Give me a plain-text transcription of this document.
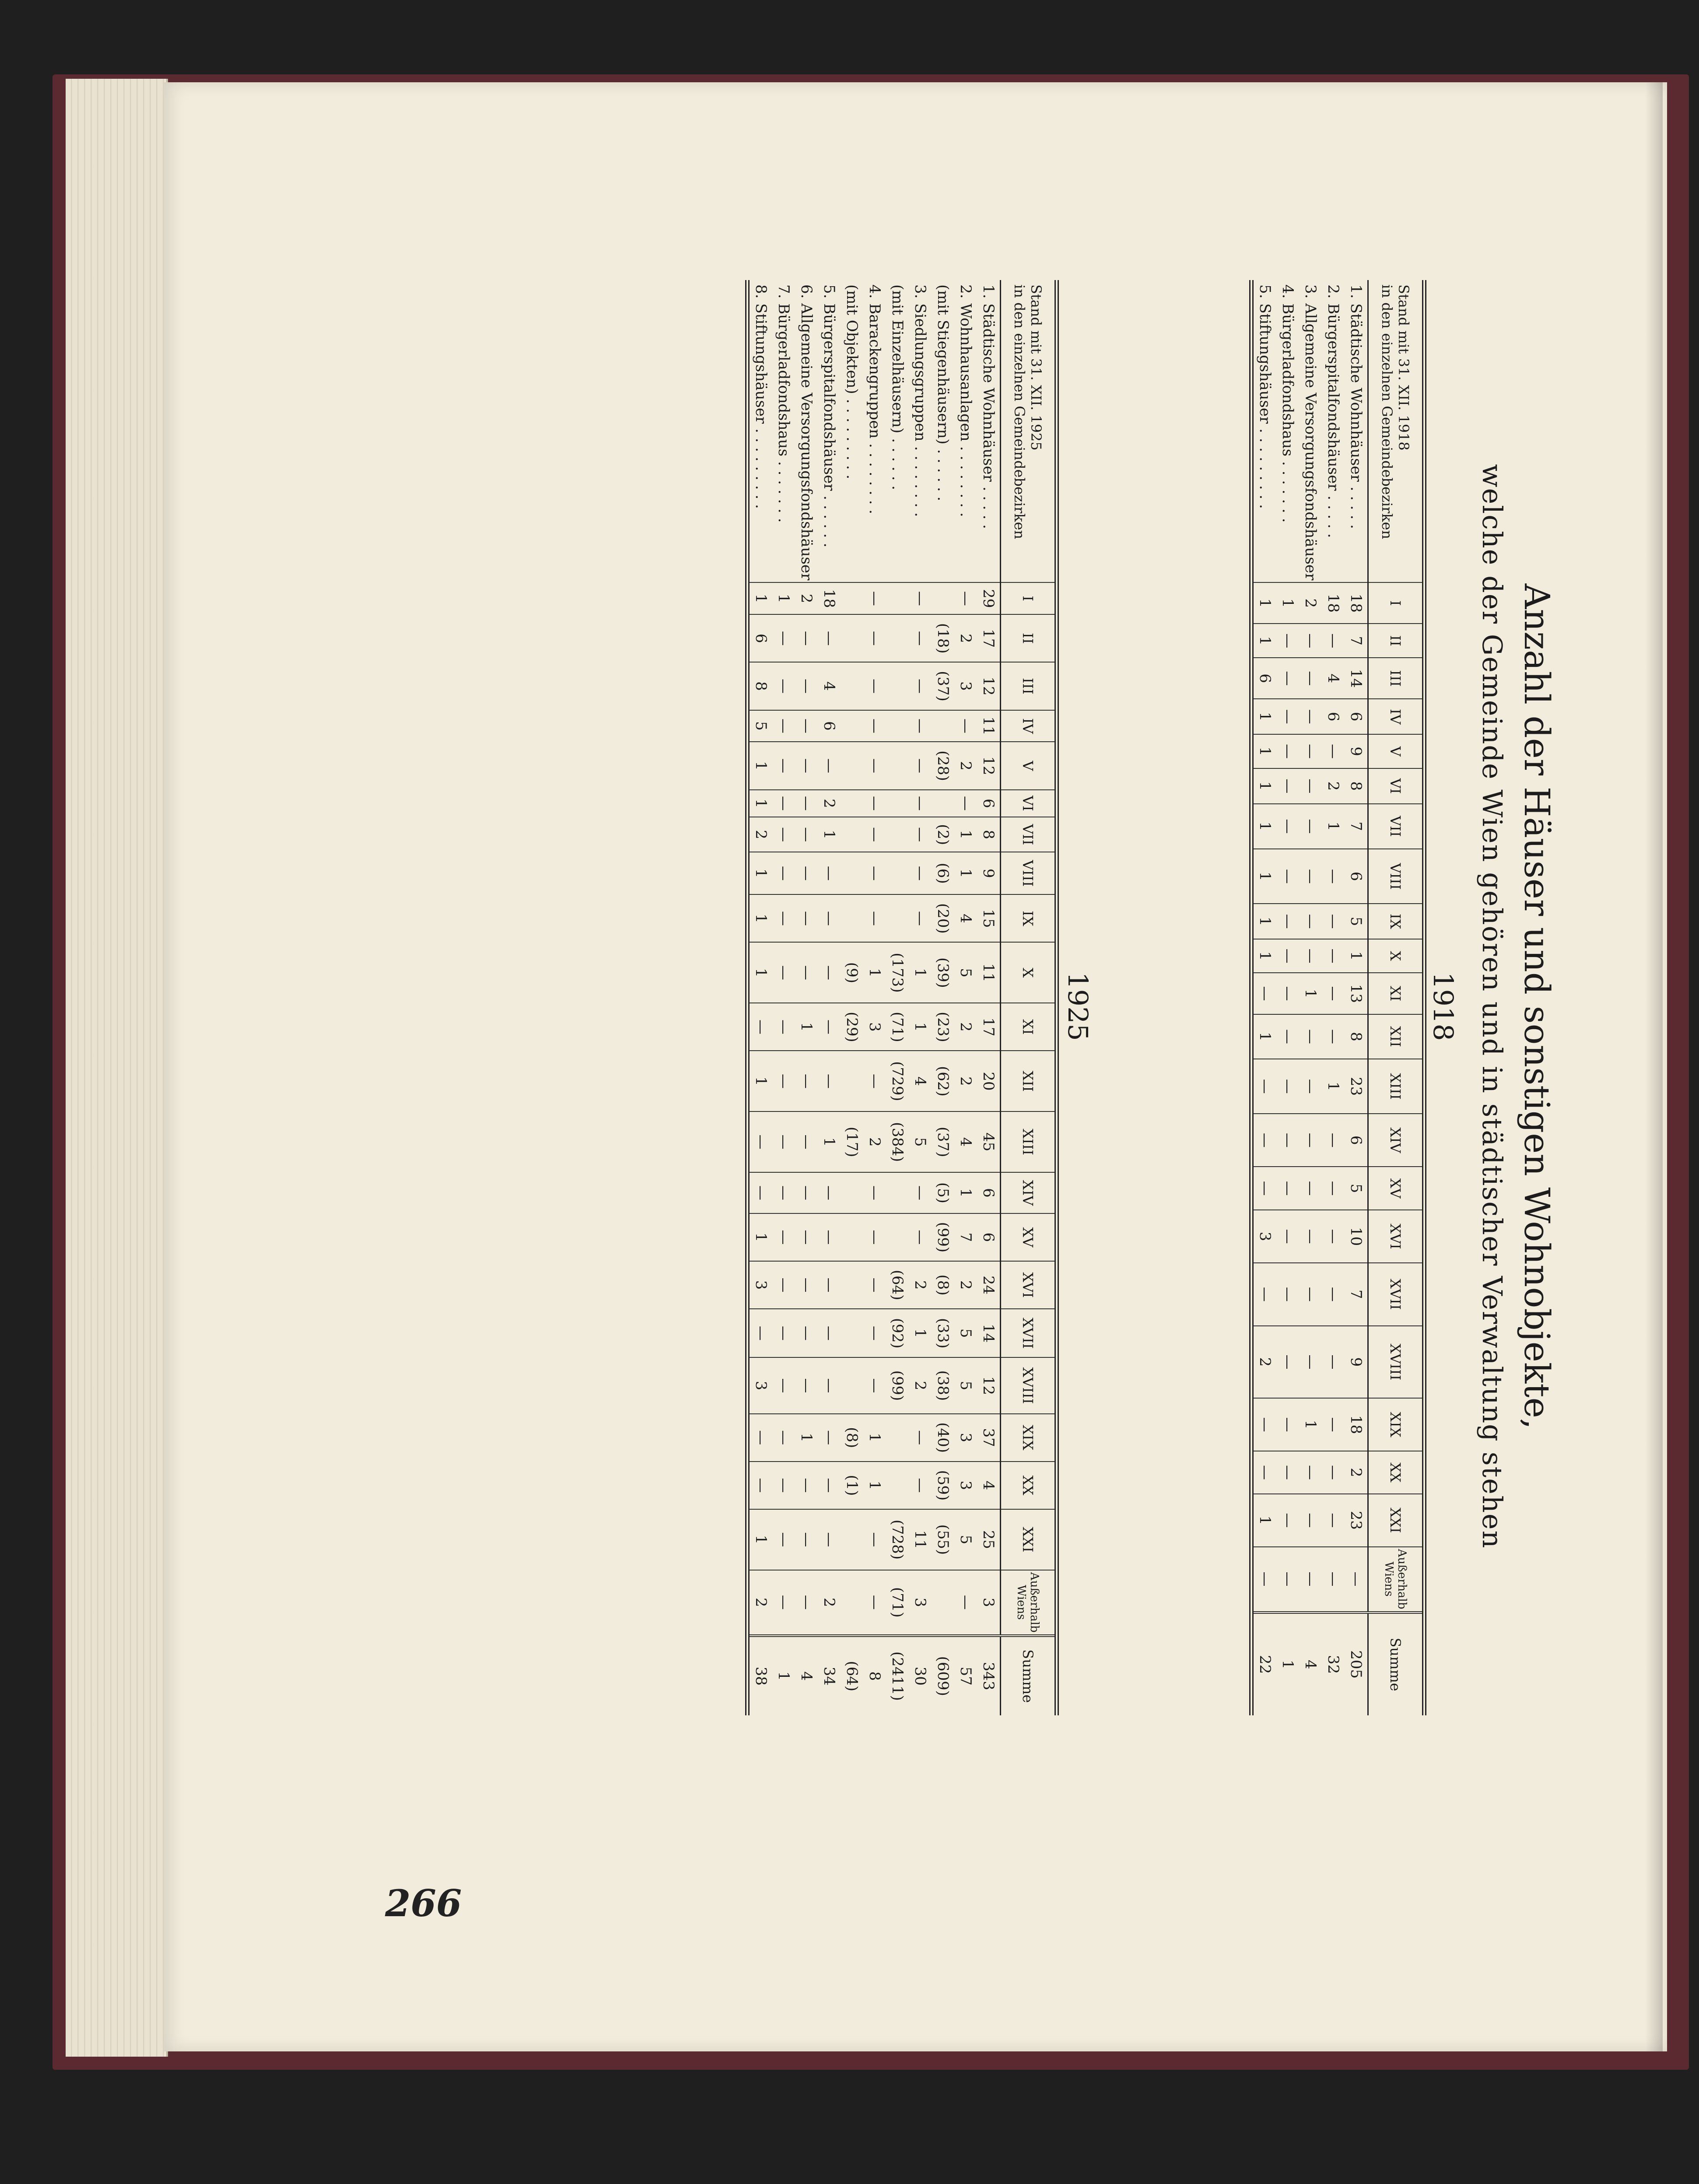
Anzahl der Häuser und sonstigen Wohnobjekte,
welche der Gemeinde Wien gehören und in städtischer Verwaltung stehen
1918
Stand mit 31. XII. 1918
in den einzelnen Gemeindebezirken	I	II	III	IV	V	VI	VII	VIII	IX	X	XI	XII	XIII	XIV	XV	XVI	XVII	XVIII	XIX	XX	XXI	Außerhalb Wiens	Summe
1. Städtische Wohnhäuser . . . . .	18	7	14	6	9	8	7	6	5	1	13	8	23	6	5	10	7	9	18	2	23	—	205
2. Bürgerspitalfondshäuser . . . . .	18	—	4	6	—	2	1	—	—	—	—	—	1	—	—	—	—	—	—	—	—	—	32
3. Allgemeine Versorgungsfondshäuser	2	—	—	—	—	—	—	—	—	—	1	—	—	—	—	—	—	—	1	—	—	—	4
4. Bürgerladfondshaus . . . . . . .	1	—	—	—	—	—	—	—	—	—	—	—	—	—	—	—	—	—	—	—	—	—	1
5. Stiftungshäuser . . . . . . . . .	1	1	6	1	1	1	1	1	1	1	—	1	—	—	—	3	—	2	—	—	1	—	22
1925
Stand mit 31. XII. 1925
in den einzelnen Gemeindebezirken	I	II	III	IV	V	VI	VII	VIII	IX	X	XI	XII	XIII	XIV	XV	XVI	XVII	XVIII	XIX	XX	XXI	Außerhalb Wiens	Summe
1. Städtische Wohnhäuser . . . . .	29	17	12	11	12	6	8	9	15	11	17	20	45	6	6	24	14	12	37	4	25	3	343
2. Wohnhausanlagen . . . . . . . .	—	2	3	—	2	—	1	1	4	5	2	2	4	1	7	2	5	5	3	3	5	—	57
(mit Stiegenhäusern) . . . . . .		(18)	(37)		(28)		(2)	(6)	(20)	(39)	(23)	(62)	(37)	(5)	(99)	(8)	(33)	(38)	(40)	(59)	(55)		(609)
3. Siedlungsgruppen . . . . . . . .	—	—	—	—	—	—	—	—	—	1	1	4	5	—	—	2	1	2	—	—	11	3	30
(mit Einzelhäusern) . . . . . .										(173)	(71)	(729)	(384)			(64)	(92)	(99)			(728)	(71)	(2411)
4. Barackengruppen . . . . . . . .	—	—	—	—	—	—	—	—	—	1	3	—	2	—	—	—	—	—	1	1	—	—	8
(mit Objekten) . . . . . . . . .										(9)	(29)		(17)						(8)	(1)			(64)
5. Bürgerspitalfondshäuser . . . . . .	18	—	4	6	—	2	1	—	—	—	—	—	1	—	—	—	—	—	—	—	—	2	34
6. Allgemeine Versorgungsfondshäuser	2	—	—	—	—	—	—	—	—	—	1	—	—	—	—	—	—	—	1	—	—	—	4
7. Bürgerladfondshaus . . . . . . .	1	—	—	—	—	—	—	—	—	—	—	—	—	—	—	—	—	—	—	—	—	—	1
8. Stiftungshäuser . . . . . . . . .	1	6	8	5	1	1	2	1	1	1	—	1	—	—	1	3	—	3	—	—	1	2	38
266
